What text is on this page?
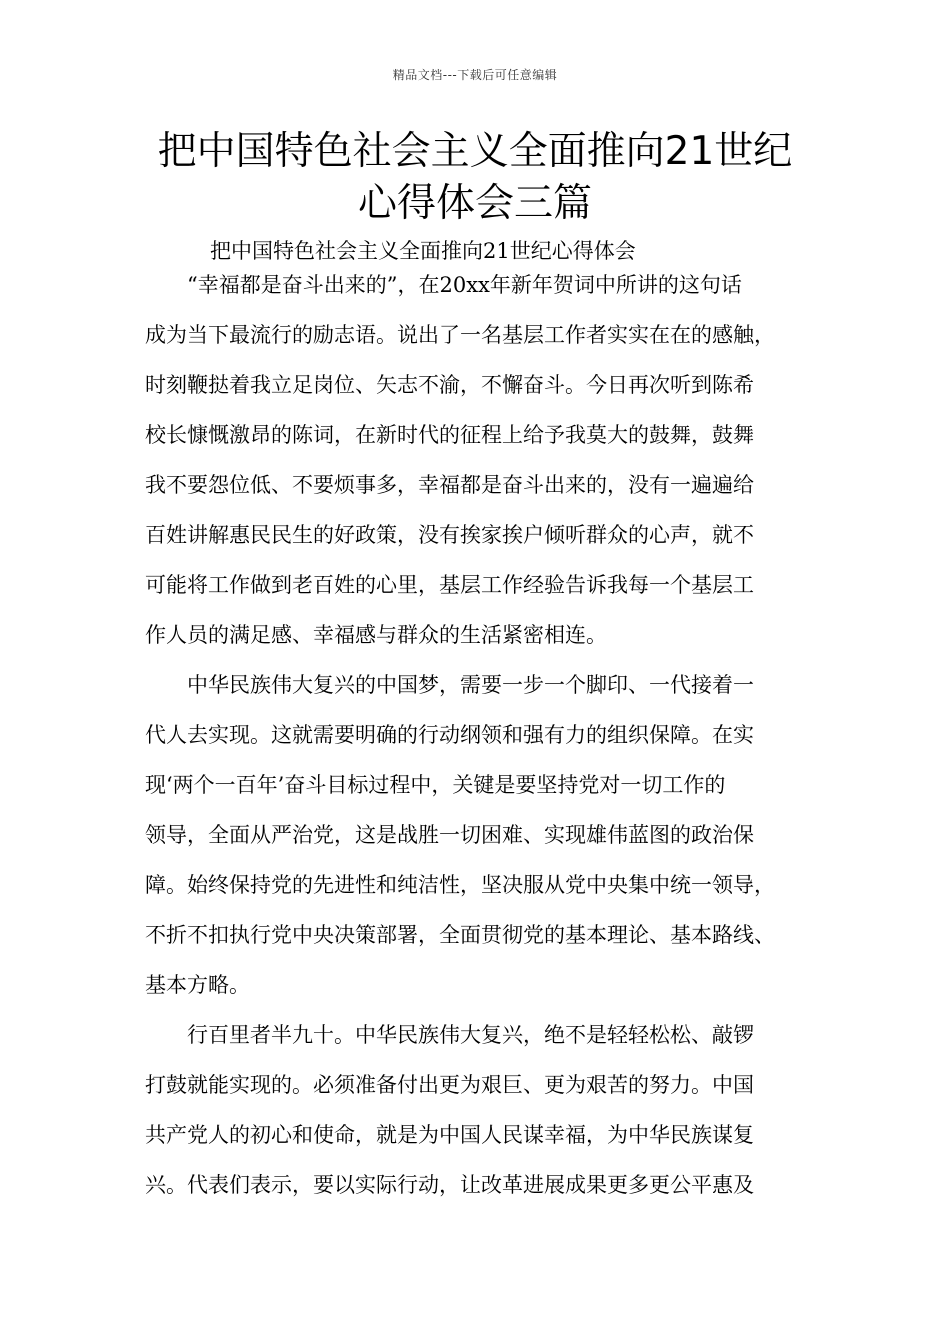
精品文档---下载后可任意编辑
把中国特色社会主义全面推向21世纪
心得体会三篇
把中国特色社会主义全面推向21世纪心得体会

“幸福都是奋斗出来的”，在20xx年新年贺词中所讲的这句话
成为当下最流行的励志语。说出了一名基层工作者实实在在的感触，
时刻鞭挞着我立足岗位、矢志不渝，不懈奋斗。今日再次听到陈希
校长慷慨激昂的陈词，在新时代的征程上给予我莫大的鼓舞，鼓舞
我不要怨位低、不要烦事多，幸福都是奋斗出来的，没有一遍遍给
百姓讲解惠民民生的好政策，没有挨家挨户倾听群众的心声，就不
可能将工作做到老百姓的心里，基层工作经验告诉我每一个基层工
作人员的满足感、幸福感与群众的生活紧密相连。

中华民族伟大复兴的中国梦，需要一步一个脚印、一代接着一
代人去实现。这就需要明确的行动纲领和强有力的组织保障。在实
现‘两个一百年’奋斗目标过程中，关键是要坚持党对一切工作的
领导，全面从严治党，这是战胜一切困难、实现雄伟蓝图的政治保
障。始终保持党的先进性和纯洁性，坚决服从党中央集中统一领导，
不折不扣执行党中央决策部署，全面贯彻党的基本理论、基本路线、
基本方略。

行百里者半九十。中华民族伟大复兴，绝不是轻轻松松、敲锣
打鼓就能实现的。必须准备付出更为艰巨、更为艰苦的努力。中国
共产党人的初心和使命，就是为中国人民谋幸福，为中华民族谋复
兴。代表们表示，要以实际行动，让改革进展成果更多更公平惠及
